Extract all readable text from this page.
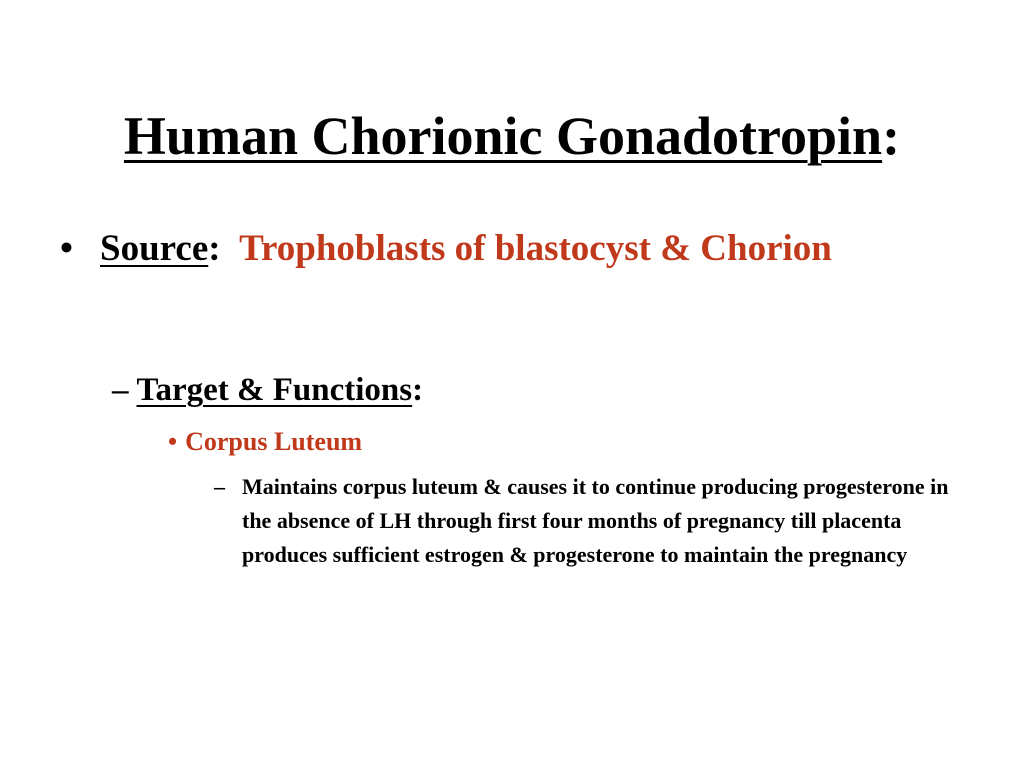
Human Chorionic Gonadotropin:
• Source: Trophoblasts of blastocyst & Chorion
– Target & Functions:
• Corpus Luteum
– Maintains corpus luteum & causes it to continue producing progesterone in the absence of LH through first four months of pregnancy till placenta produces sufficient estrogen & progesterone to maintain the pregnancy
